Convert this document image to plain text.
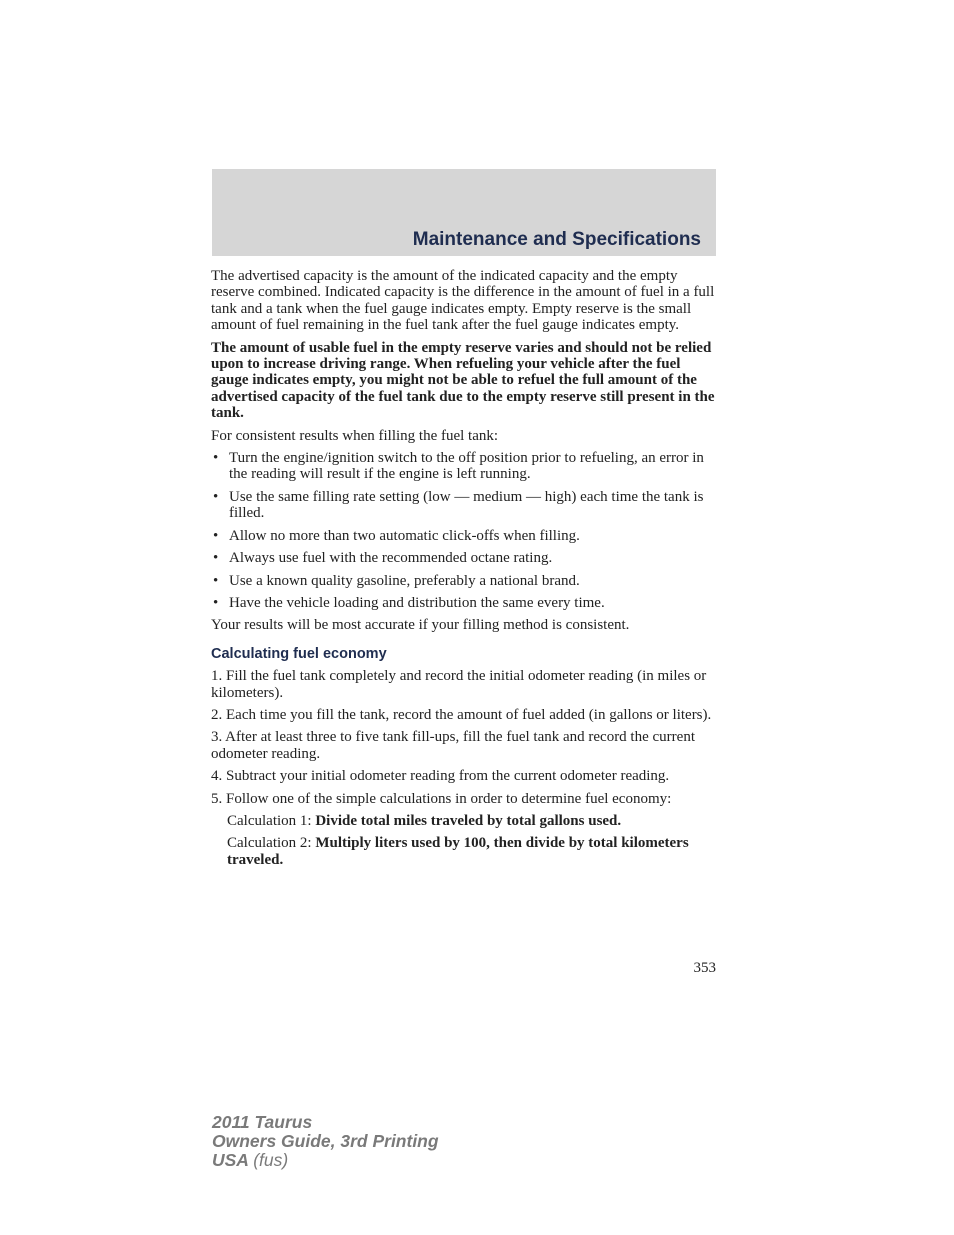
Maintenance and Specifications

The advertised capacity is the amount of the indicated capacity and the empty reserve combined. Indicated capacity is the difference in the amount of fuel in a full tank and a tank when the fuel gauge indicates empty. Empty reserve is the small amount of fuel remaining in the fuel tank after the fuel gauge indicates empty.

The amount of usable fuel in the empty reserve varies and should not be relied upon to increase driving range. When refueling your vehicle after the fuel gauge indicates empty, you might not be able to refuel the full amount of the advertised capacity of the fuel tank due to the empty reserve still present in the tank.

For consistent results when filling the fuel tank:

• Turn the engine/ignition switch to the off position prior to refueling, an error in the reading will result if the engine is left running.
• Use the same filling rate setting (low — medium — high) each time the tank is filled.
• Allow no more than two automatic click-offs when filling.
• Always use fuel with the recommended octane rating.
• Use a known quality gasoline, preferably a national brand.
• Have the vehicle loading and distribution the same every time.

Your results will be most accurate if your filling method is consistent.

Calculating fuel economy

1. Fill the fuel tank completely and record the initial odometer reading (in miles or kilometers).

2. Each time you fill the tank, record the amount of fuel added (in gallons or liters).

3. After at least three to five tank fill-ups, fill the fuel tank and record the current odometer reading.

4. Subtract your initial odometer reading from the current odometer reading.

5. Follow one of the simple calculations in order to determine fuel economy:

Calculation 1: Divide total miles traveled by total gallons used.

Calculation 2: Multiply liters used by 100, then divide by total kilometers traveled.

353
2011 Taurus
Owners Guide, 3rd Printing
USA (fus)
